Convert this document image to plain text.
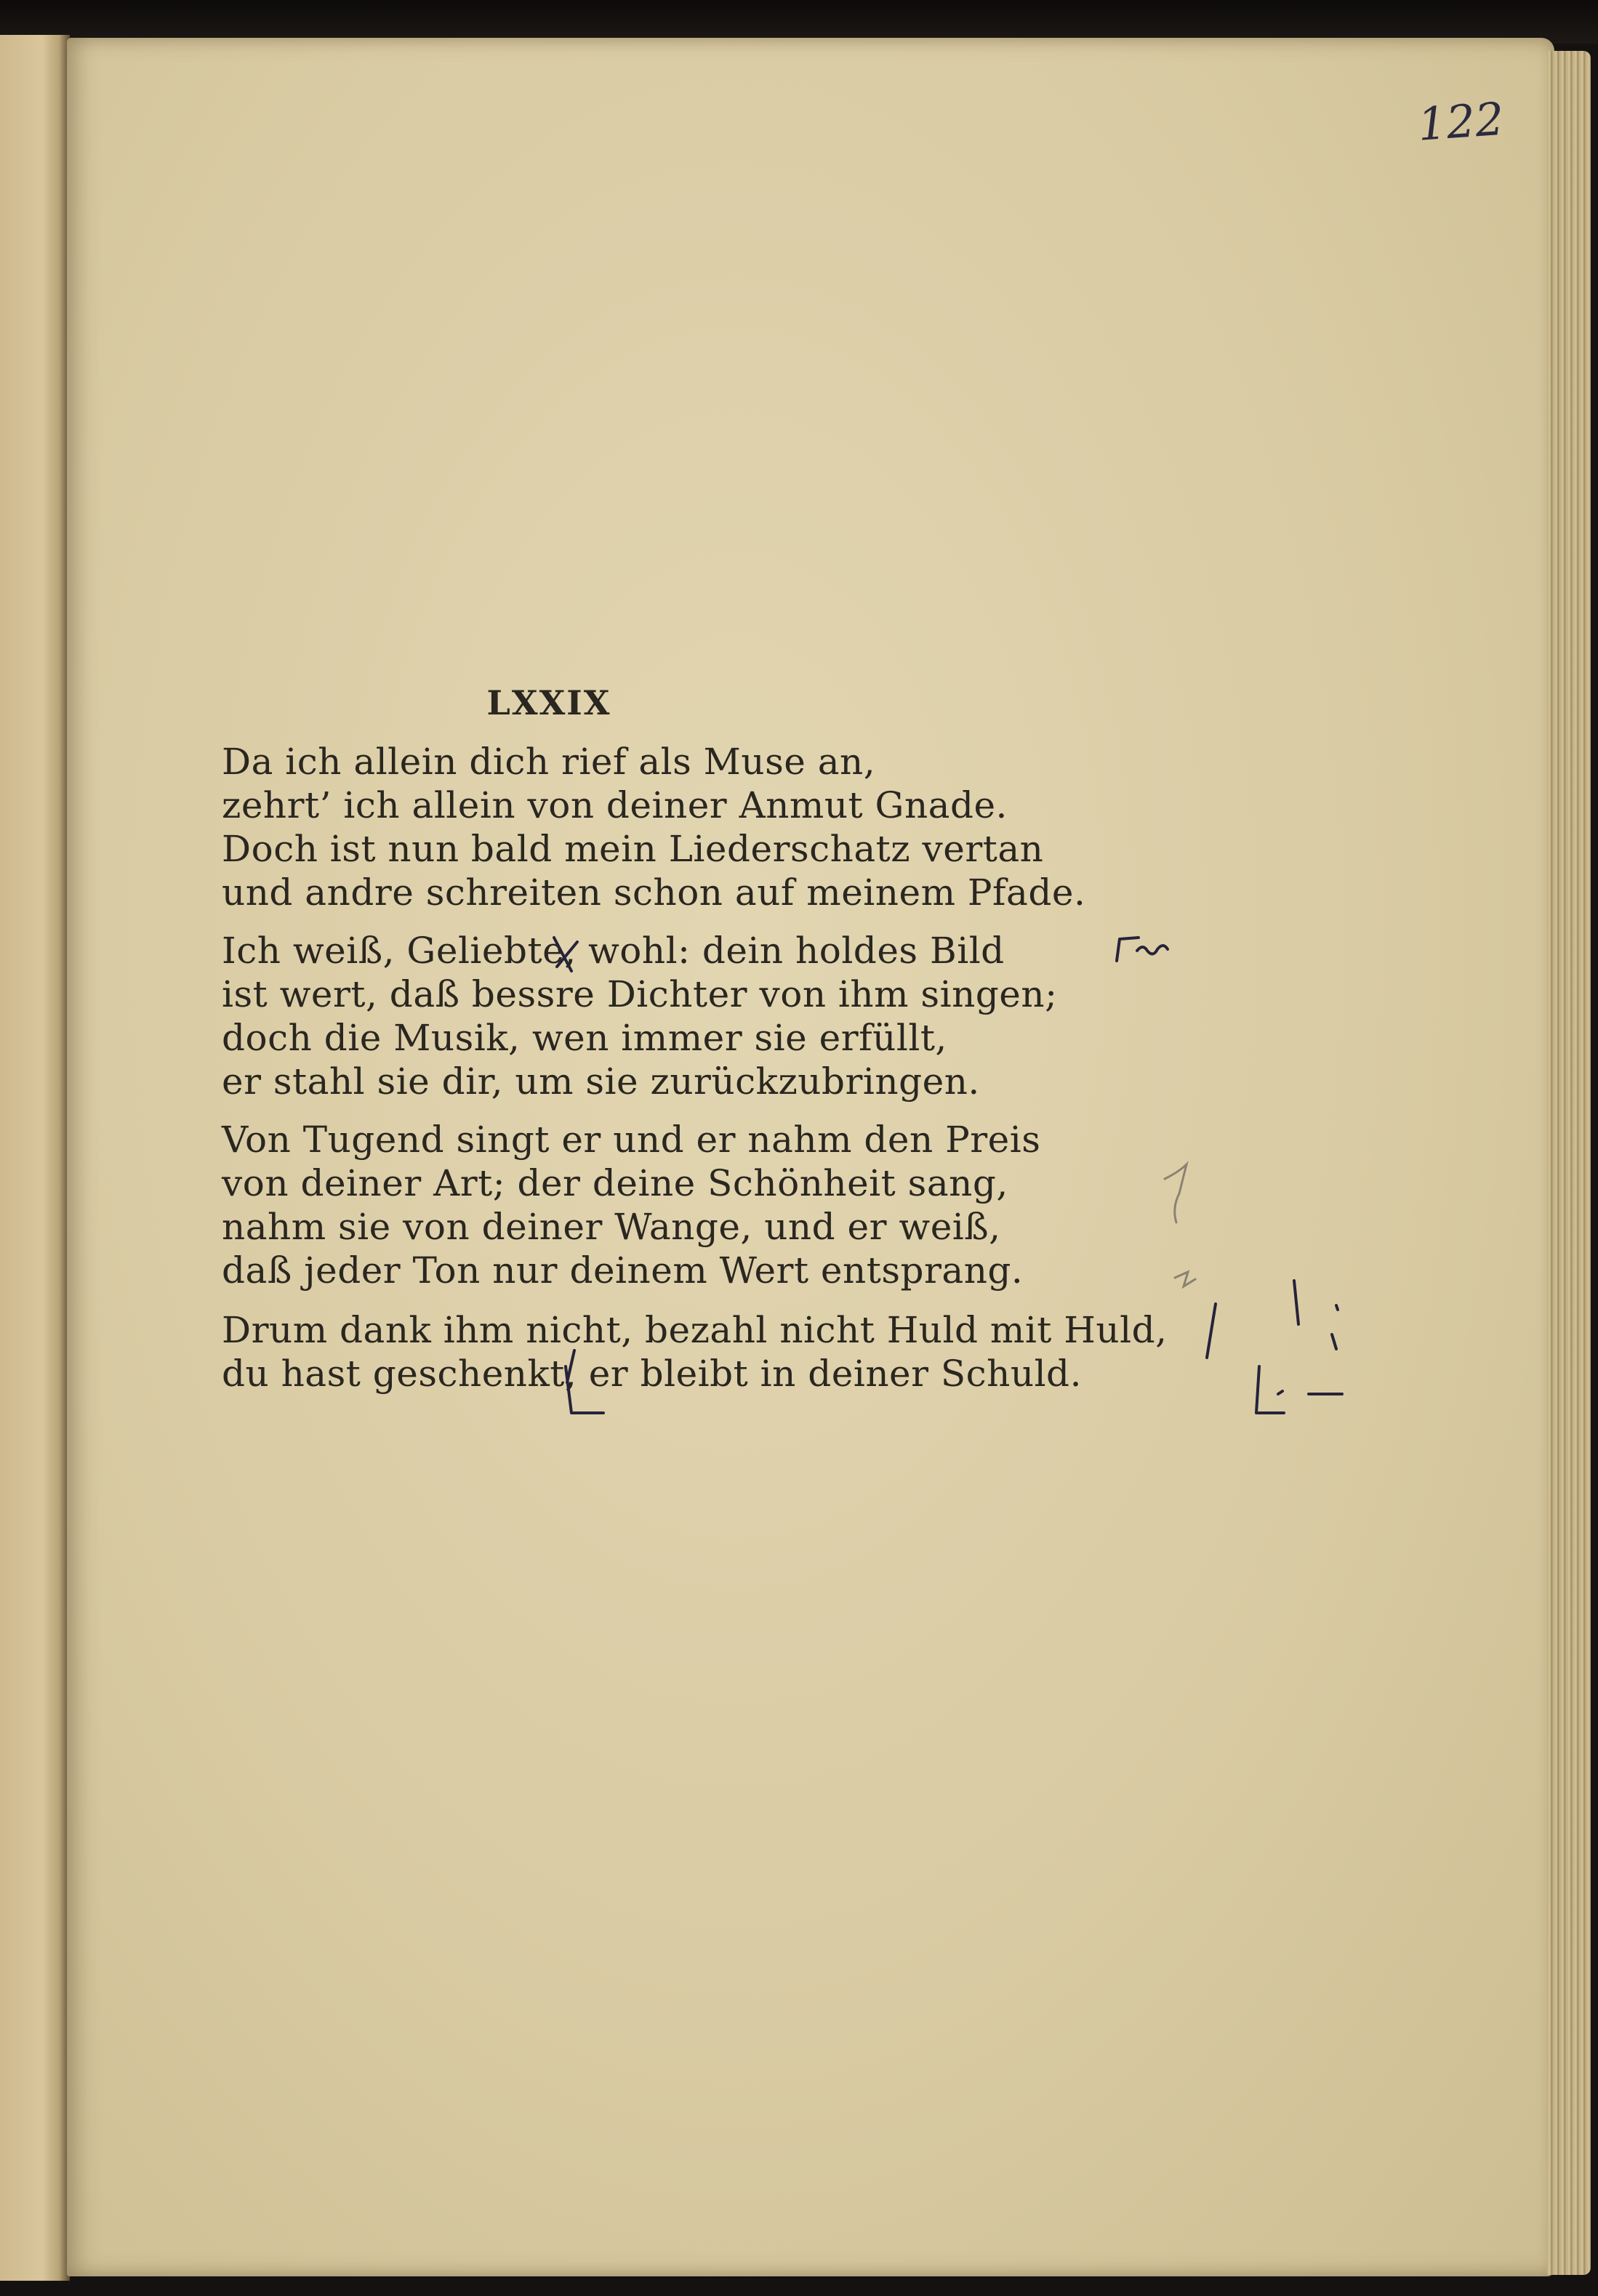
122
LXXIX
Da ich allein dich rief als Muse an,
zehrt’ ich allein von deiner Anmut Gnade.
Doch ist nun bald mein Liederschatz vertan
und andre schreiten schon auf meinem Pfade.
Ich weiß, Geliebte, wohl: dein holdes Bild
ist wert, daß bessre Dichter von ihm singen;
doch die Musik, wen immer sie erfüllt,
er stahl sie dir, um sie zurückzubringen.
Von Tugend singt er und er nahm den Preis
von deiner Art; der deine Schönheit sang,
nahm sie von deiner Wange, und er weiß,
daß jeder Ton nur deinem Wert entsprang.
Drum dank ihm nicht, bezahl nicht Huld mit Huld,
du hast geschenkt, er bleibt in deiner Schuld.
